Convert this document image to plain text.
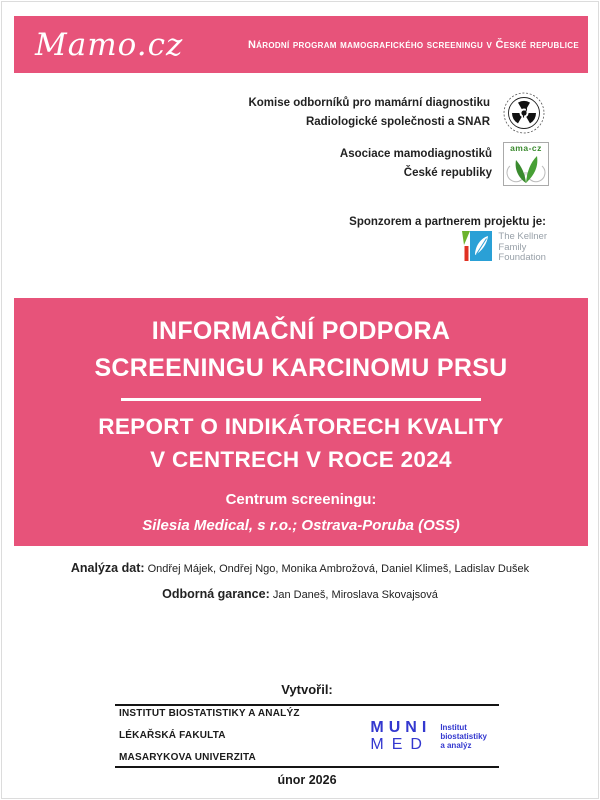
Mamo.cz	Národní program mamografického screeningu v České republice
Komise odborníků pro mamární diagnostiku
Radiologické společnosti a SNAR
Asociace mamodiagnostiků
České republiky
ama-cz
Sponzorem a partnerem projektu je:
The Kellner
Family
Foundation
INFORMAČNÍ PODPORA
SCREENINGU KARCINOMU PRSU
REPORT O INDIKÁTORECH KVALITY
V CENTRECH V ROCE 2024
Centrum screeningu:
Silesia Medical, s r.o.; Ostrava-Poruba (OSS)
Analýza dat: Ondřej Májek, Ondřej Ngo, Monika Ambrožová, Daniel Klimeš, Ladislav Dušek
Odborná garance: Jan Daneš, Miroslava Skovajsová
Vytvořil:
INSTITUT BIOSTATISTIKY A ANALÝZ
LÉKAŘSKÁ FAKULTA
MASARYKOVA UNIVERZITA
MUNI
MED
Institut
biostatistiky
a analýz
únor 2026
